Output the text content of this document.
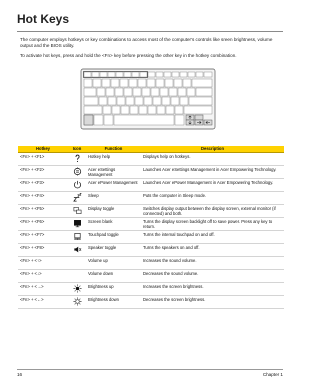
Hot Keys

The computer employs hotkeys or key combinations to access most of the computer's controls like sreen brightness, volume output and the BIOS utility.

To activate hot keys, press and hold the <Fn> key before pressing the other key in the hotkey combination.

Hotkey	Icon	Function	Description
<Fn> + <F1>		Hotkey help	Displays help on hotkeys.
<Fn> + <F2>		Acer eSettings Management	Launches Acer eSettings Management in Acer Empowering Technology.
<Fn> + <F3>		Acer ePower Management	Launches Acer ePower Management in Acer Empowering Technology.
<Fn> + <F4>		Sleep	Puts the computer in Sleep mode.
<Fn> + <F5>		Display toggle	Switches display output between the display screen, external monitor (if connected) and both.
<Fn> + <F6>		Screen blank	Turns the display screen backlight off to save power. Press any key to return.
<Fn> + <F7>		Touchpad toggle	Turns the internal touchpad on and off.
<Fn> + <F8>		Speaker toggle	Turns the speakers on and off.
<Fn> + <↑>		Volume up	Increases the sound volume.
<Fn> + <↓>		Volume down	Decreases the sound volume.
<Fn> + <→>		Brightness up	Increases the screen brightness.
<Fn> + <←>		Brightness down	Decreases the screen brightness.
16	Chapter 1
